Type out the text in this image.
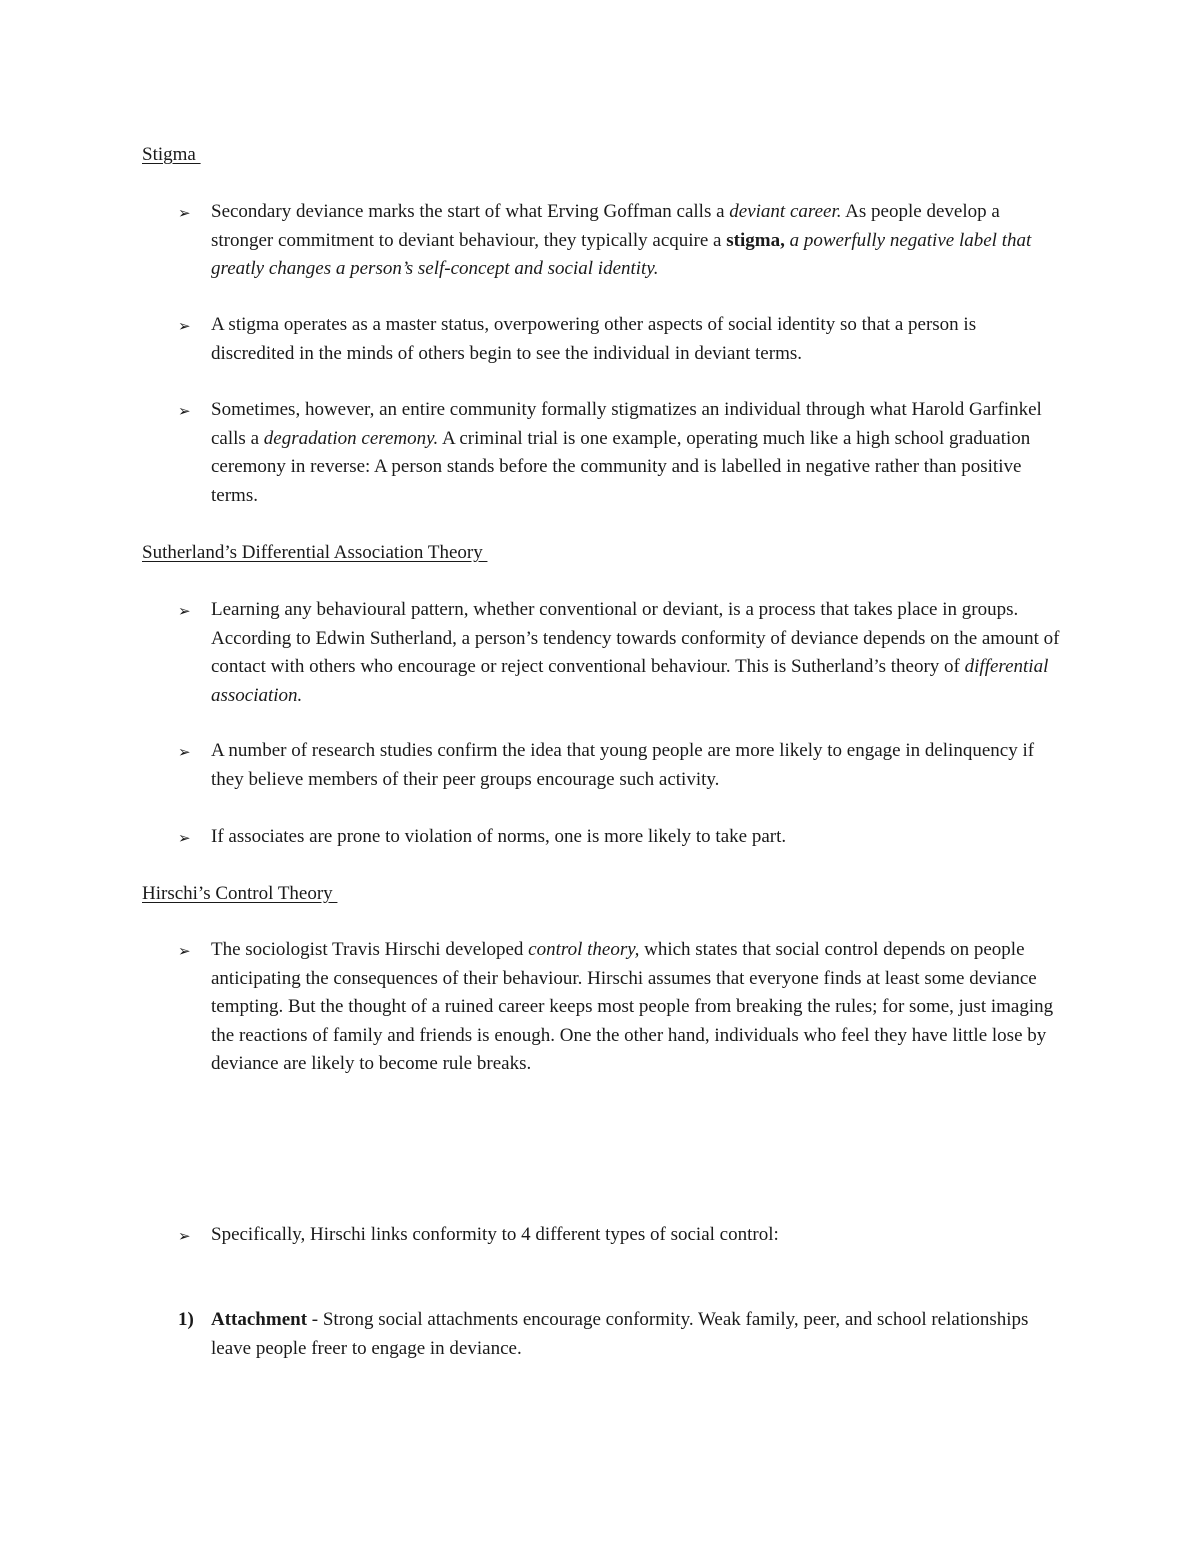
Stigma
➢ Secondary deviance marks the start of what Erving Goffman calls a deviant career. As people develop a stronger commitment to deviant behaviour, they typically acquire a stigma, a powerfully negative label that greatly changes a person’s self-concept and social identity.
➢ A stigma operates as a master status, overpowering other aspects of social identity so that a person is discredited in the minds of others begin to see the individual in deviant terms.
➢ Sometimes, however, an entire community formally stigmatizes an individual through what Harold Garfinkel calls a degradation ceremony. A criminal trial is one example, operating much like a high school graduation ceremony in reverse: A person stands before the community and is labelled in negative rather than positive terms.
Sutherland’s Differential Association Theory
➢ Learning any behavioural pattern, whether conventional or deviant, is a process that takes place in groups. According to Edwin Sutherland, a person’s tendency towards conformity of deviance depends on the amount of contact with others who encourage or reject conventional behaviour. This is Sutherland’s theory of differential association.
➢ A number of research studies confirm the idea that young people are more likely to engage in delinquency if they believe members of their peer groups encourage such activity.
➢ If associates are prone to violation of norms, one is more likely to take part.
Hirschi’s Control Theory
➢ The sociologist Travis Hirschi developed control theory, which states that social control depends on people anticipating the consequences of their behaviour. Hirschi assumes that everyone finds at least some deviance tempting. But the thought of a ruined career keeps most people from breaking the rules; for some, just imaging the reactions of family and friends is enough. One the other hand, individuals who feel they have little lose by deviance are likely to become rule breaks.
➢ Specifically, Hirschi links conformity to 4 different types of social control:
1) Attachment - Strong social attachments encourage conformity. Weak family, peer, and school relationships leave people freer to engage in deviance.
